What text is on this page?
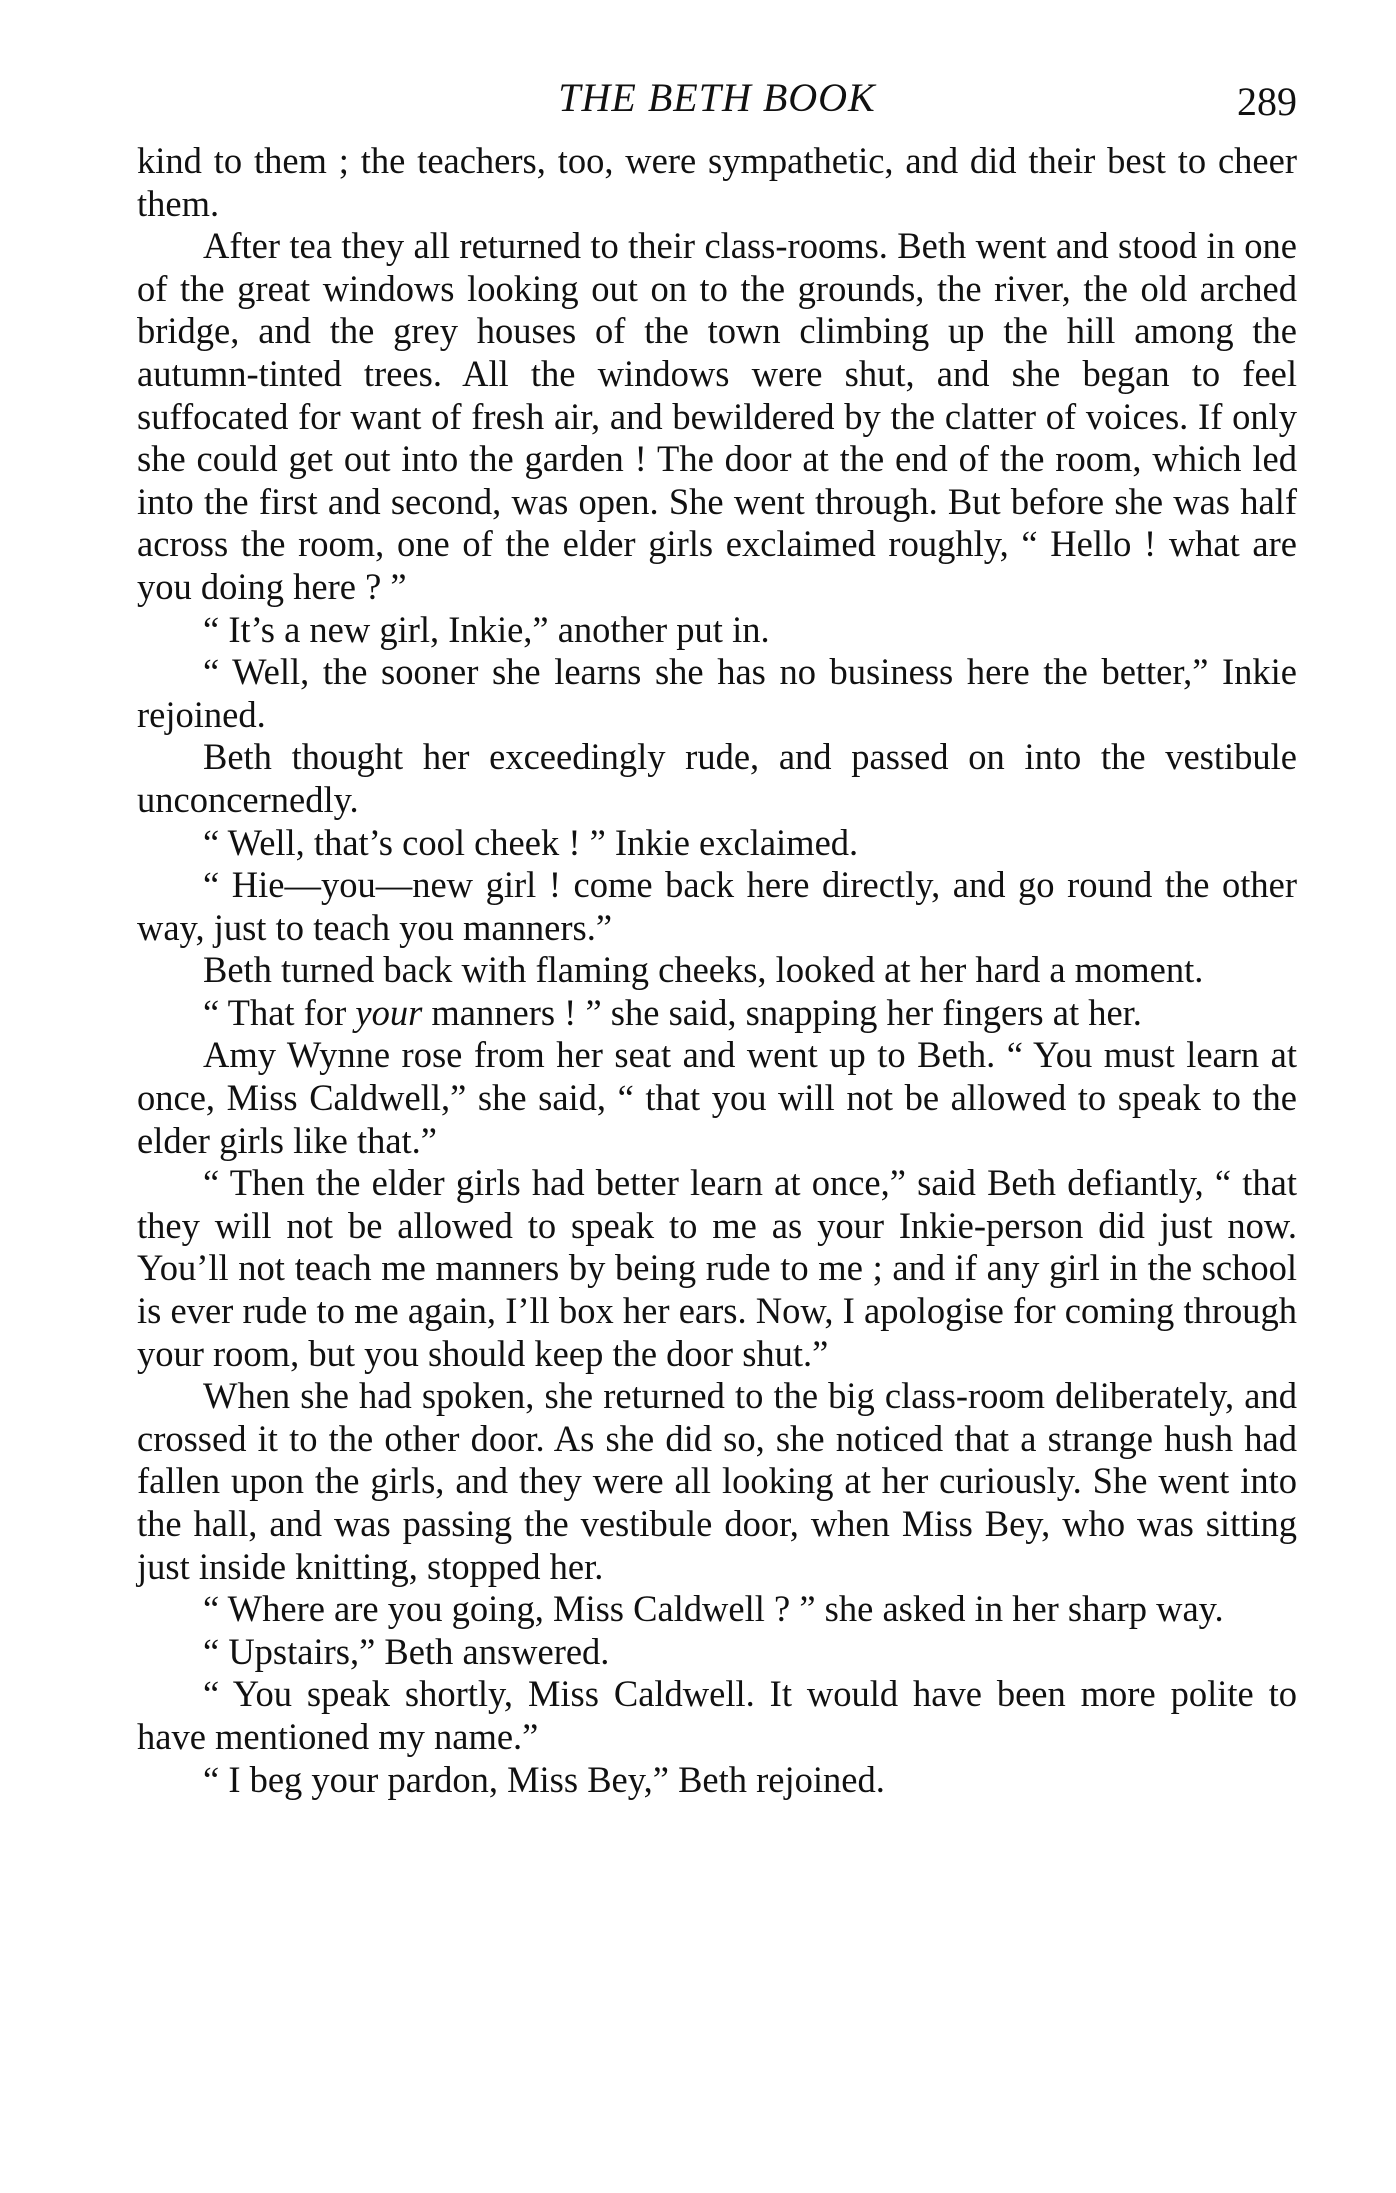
THE BETH BOOK	289

kind to them ; the teachers, too, were sympathetic, and did their best to cheer them.

After tea they all returned to their class-rooms. Beth went and stood in one of the great windows looking out on to the grounds, the river, the old arched bridge, and the grey houses of the town climbing up the hill among the autumn-tinted trees. All the windows were shut, and she began to feel suffocated for want of fresh air, and bewildered by the clatter of voices. If only she could get out into the garden ! The door at the end of the room, which led into the first and second, was open. She went through. But before she was half across the room, one of the elder girls exclaimed roughly, “ Hello ! what are you doing here ? ”

“ It’s a new girl, Inkie,” another put in.

“ Well, the sooner she learns she has no business here the better,” Inkie rejoined.

Beth thought her exceedingly rude, and passed on into the vestibule unconcernedly.

“ Well, that’s cool cheek ! ” Inkie exclaimed.

“ Hie—you—new girl ! come back here directly, and go round the other way, just to teach you manners.”

Beth turned back with flaming cheeks, looked at her hard a moment.

“ That for your manners ! ” she said, snapping her fingers at her.

Amy Wynne rose from her seat and went up to Beth. “ You must learn at once, Miss Caldwell,” she said, “ that you will not be allowed to speak to the elder girls like that.”

“ Then the elder girls had better learn at once,” said Beth defiantly, “ that they will not be allowed to speak to me as your Inkie-person did just now. You’ll not teach me manners by being rude to me ; and if any girl in the school is ever rude to me again, I’ll box her ears. Now, I apologise for coming through your room, but you should keep the door shut.”

When she had spoken, she returned to the big class-room deliberately, and crossed it to the other door. As she did so, she noticed that a strange hush had fallen upon the girls, and they were all looking at her curiously. She went into the hall, and was passing the vestibule door, when Miss Bey, who was sitting just inside knitting, stopped her.

“ Where are you going, Miss Caldwell ? ” she asked in her sharp way.

“ Upstairs,” Beth answered.

“ You speak shortly, Miss Caldwell. It would have been more polite to have mentioned my name.”

“ I beg your pardon, Miss Bey,” Beth rejoined.
